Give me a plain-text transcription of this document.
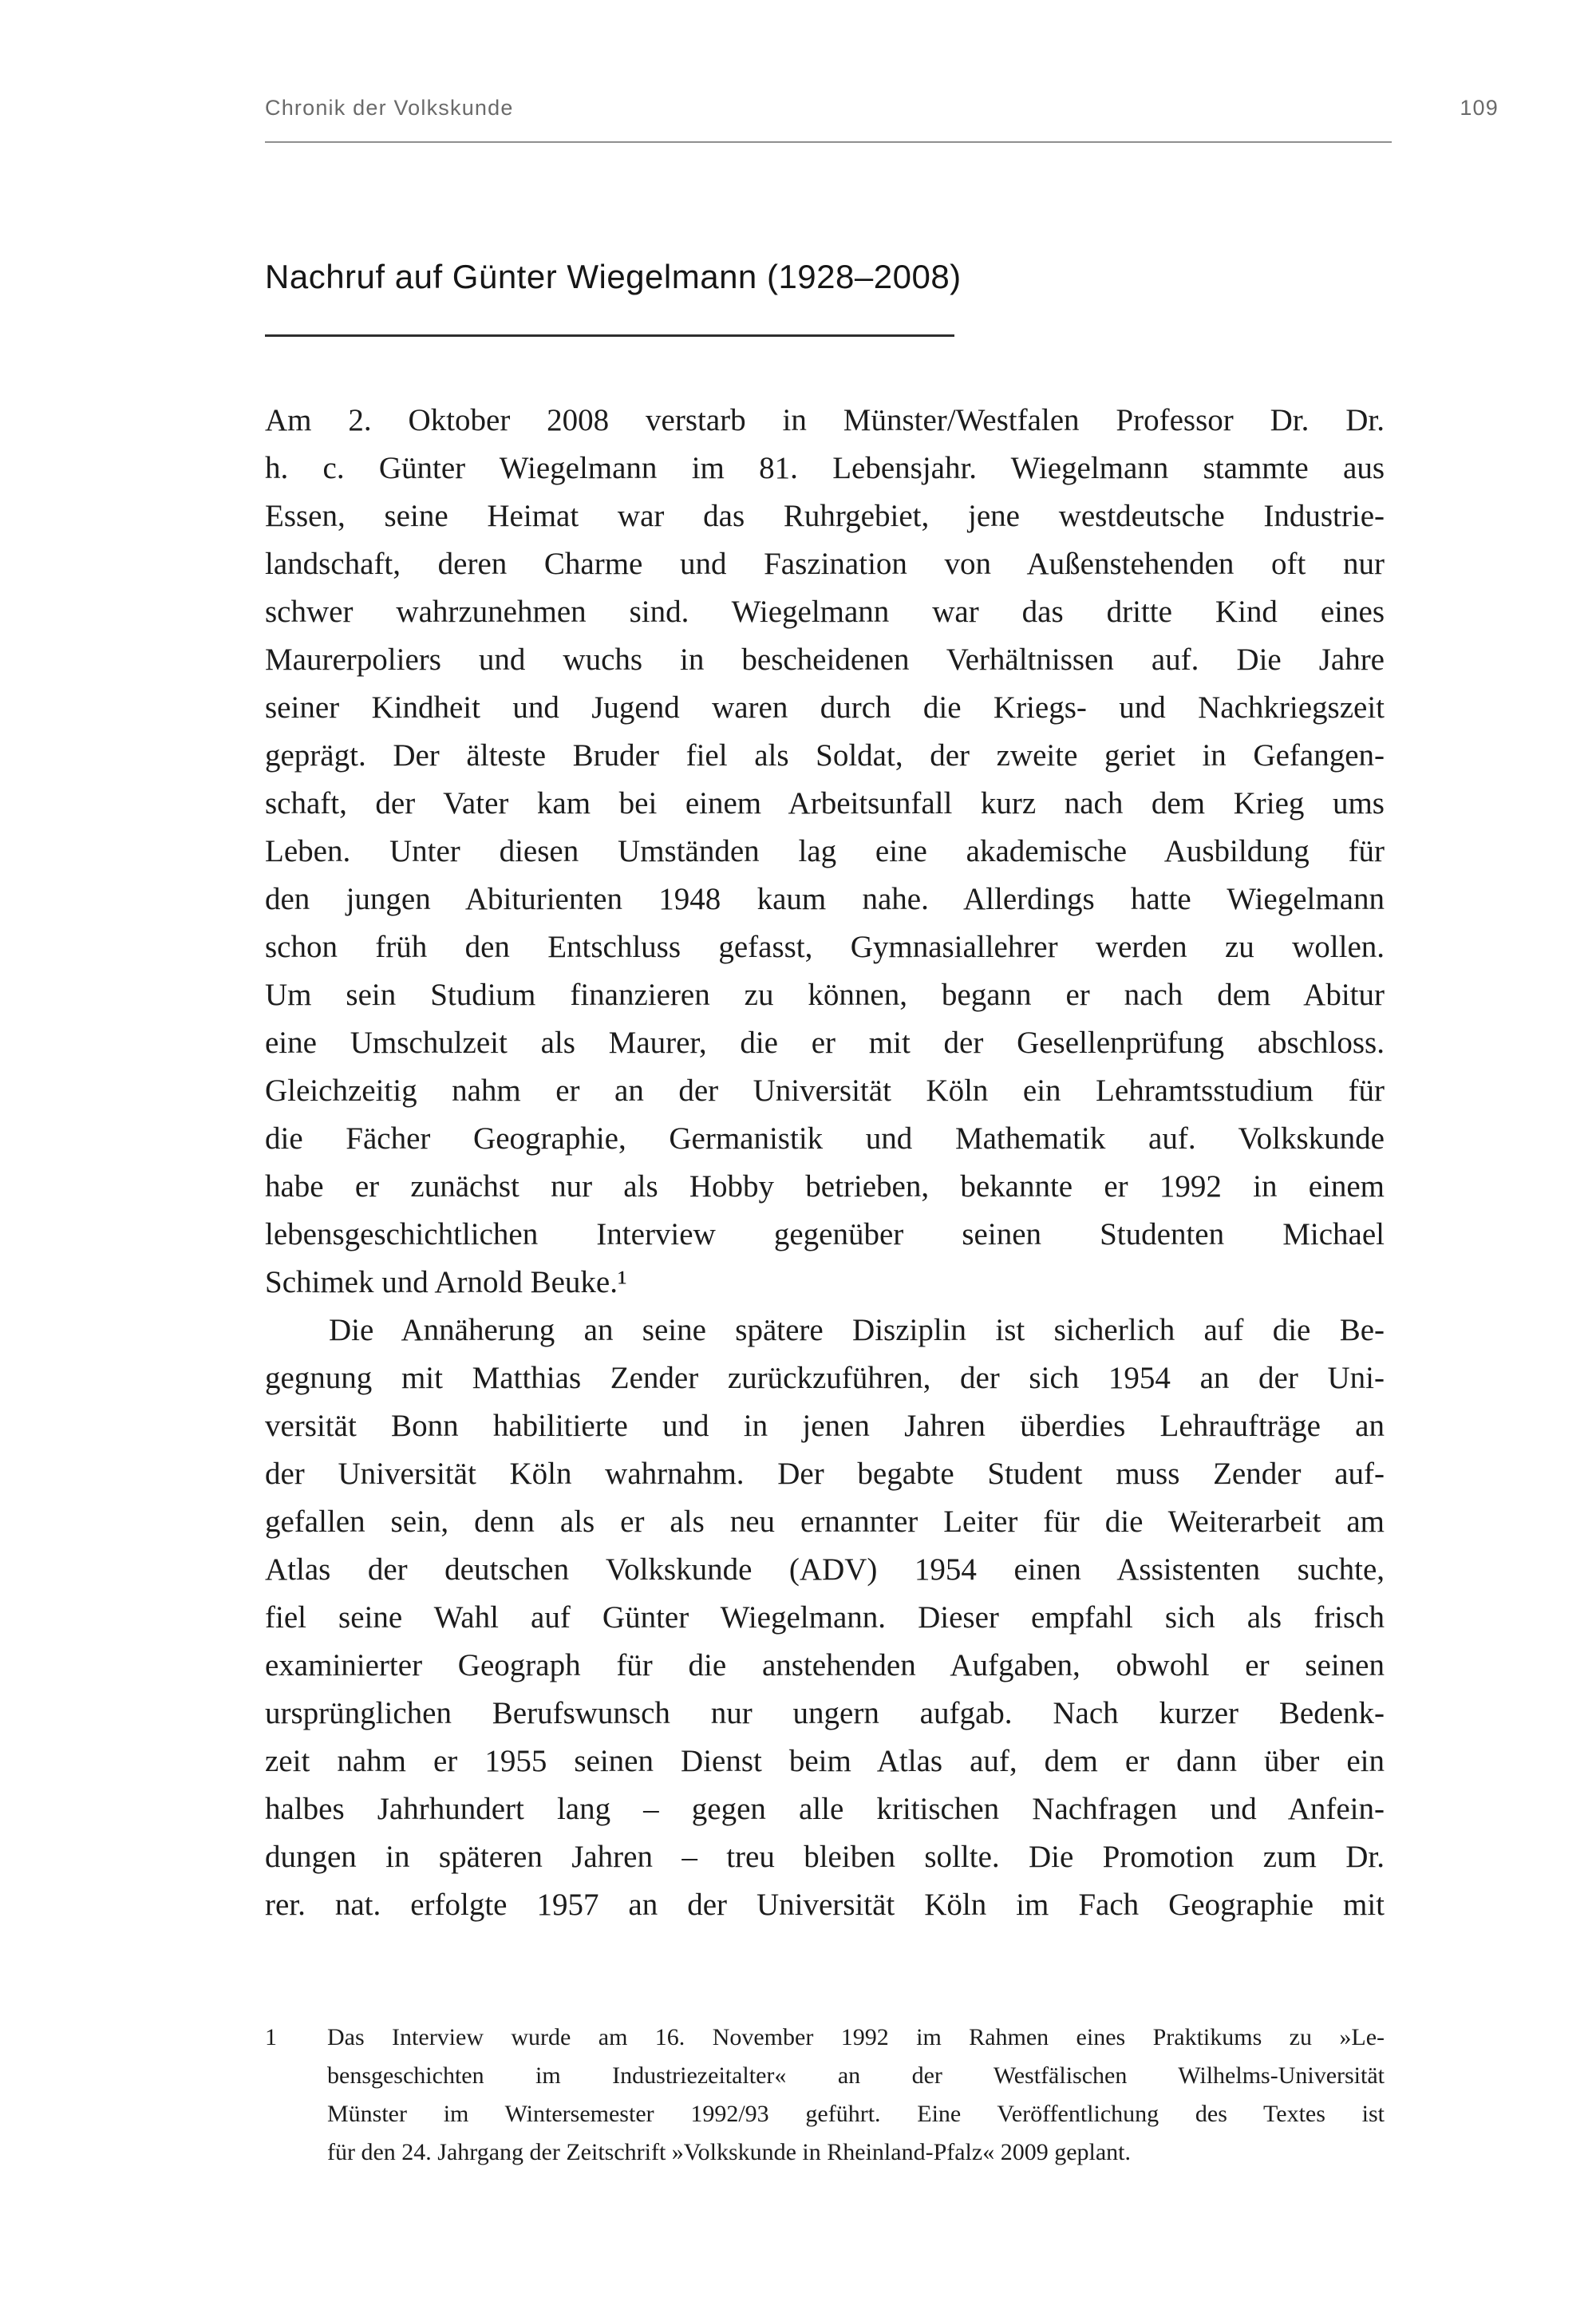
Chronik der Volkskunde	109
Nachruf auf Günter Wiegelmann (1928–2008)
Am 2. Oktober 2008 verstarb in Münster/Westfalen Professor Dr. Dr.
h. c. Günter Wiegelmann im 81. Lebensjahr. Wiegelmann stammte aus
Essen, seine Heimat war das Ruhrgebiet, jene westdeutsche Industrie-
landschaft, deren Charme und Faszination von Außenstehenden oft nur
schwer wahrzunehmen sind. Wiegelmann war das dritte Kind eines
Maurerpoliers und wuchs in bescheidenen Verhältnissen auf. Die Jahre
seiner Kindheit und Jugend waren durch die Kriegs- und Nachkriegszeit
geprägt. Der älteste Bruder fiel als Soldat, der zweite geriet in Gefangen-
schaft, der Vater kam bei einem Arbeitsunfall kurz nach dem Krieg ums
Leben. Unter diesen Umständen lag eine akademische Ausbildung für
den jungen Abiturienten 1948 kaum nahe. Allerdings hatte Wiegelmann
schon früh den Entschluss gefasst, Gymnasiallehrer werden zu wollen.
Um sein Studium finanzieren zu können, begann er nach dem Abitur
eine Umschulzeit als Maurer, die er mit der Gesellenprüfung abschloss.
Gleichzeitig nahm er an der Universität Köln ein Lehramtsstudium für
die Fächer Geographie, Germanistik und Mathematik auf. Volkskunde
habe er zunächst nur als Hobby betrieben, bekannte er 1992 in einem
lebensgeschichtlichen Interview gegenüber seinen Studenten Michael
Schimek und Arnold Beuke.¹
Die Annäherung an seine spätere Disziplin ist sicherlich auf die Be-
gegnung mit Matthias Zender zurückzuführen, der sich 1954 an der Uni-
versität Bonn habilitierte und in jenen Jahren überdies Lehraufträge an
der Universität Köln wahrnahm. Der begabte Student muss Zender auf-
gefallen sein, denn als er als neu ernannter Leiter für die Weiterarbeit am
Atlas der deutschen Volkskunde (ADV) 1954 einen Assistenten suchte,
fiel seine Wahl auf Günter Wiegelmann. Dieser empfahl sich als frisch
examinierter Geograph für die anstehenden Aufgaben, obwohl er seinen
ursprünglichen Berufswunsch nur ungern aufgab. Nach kurzer Bedenk-
zeit nahm er 1955 seinen Dienst beim Atlas auf, dem er dann über ein
halbes Jahrhundert lang – gegen alle kritischen Nachfragen und Anfein-
dungen in späteren Jahren – treu bleiben sollte. Die Promotion zum Dr.
rer. nat. erfolgte 1957 an der Universität Köln im Fach Geographie mit
1 Das Interview wurde am 16. November 1992 im Rahmen eines Praktikums zu »Le-
bensgeschichten im Industriezeitalter« an der Westfälischen Wilhelms-Universität
Münster im Wintersemester 1992/93 geführt. Eine Veröffentlichung des Textes ist
für den 24. Jahrgang der Zeitschrift »Volkskunde in Rheinland-Pfalz« 2009 geplant.
